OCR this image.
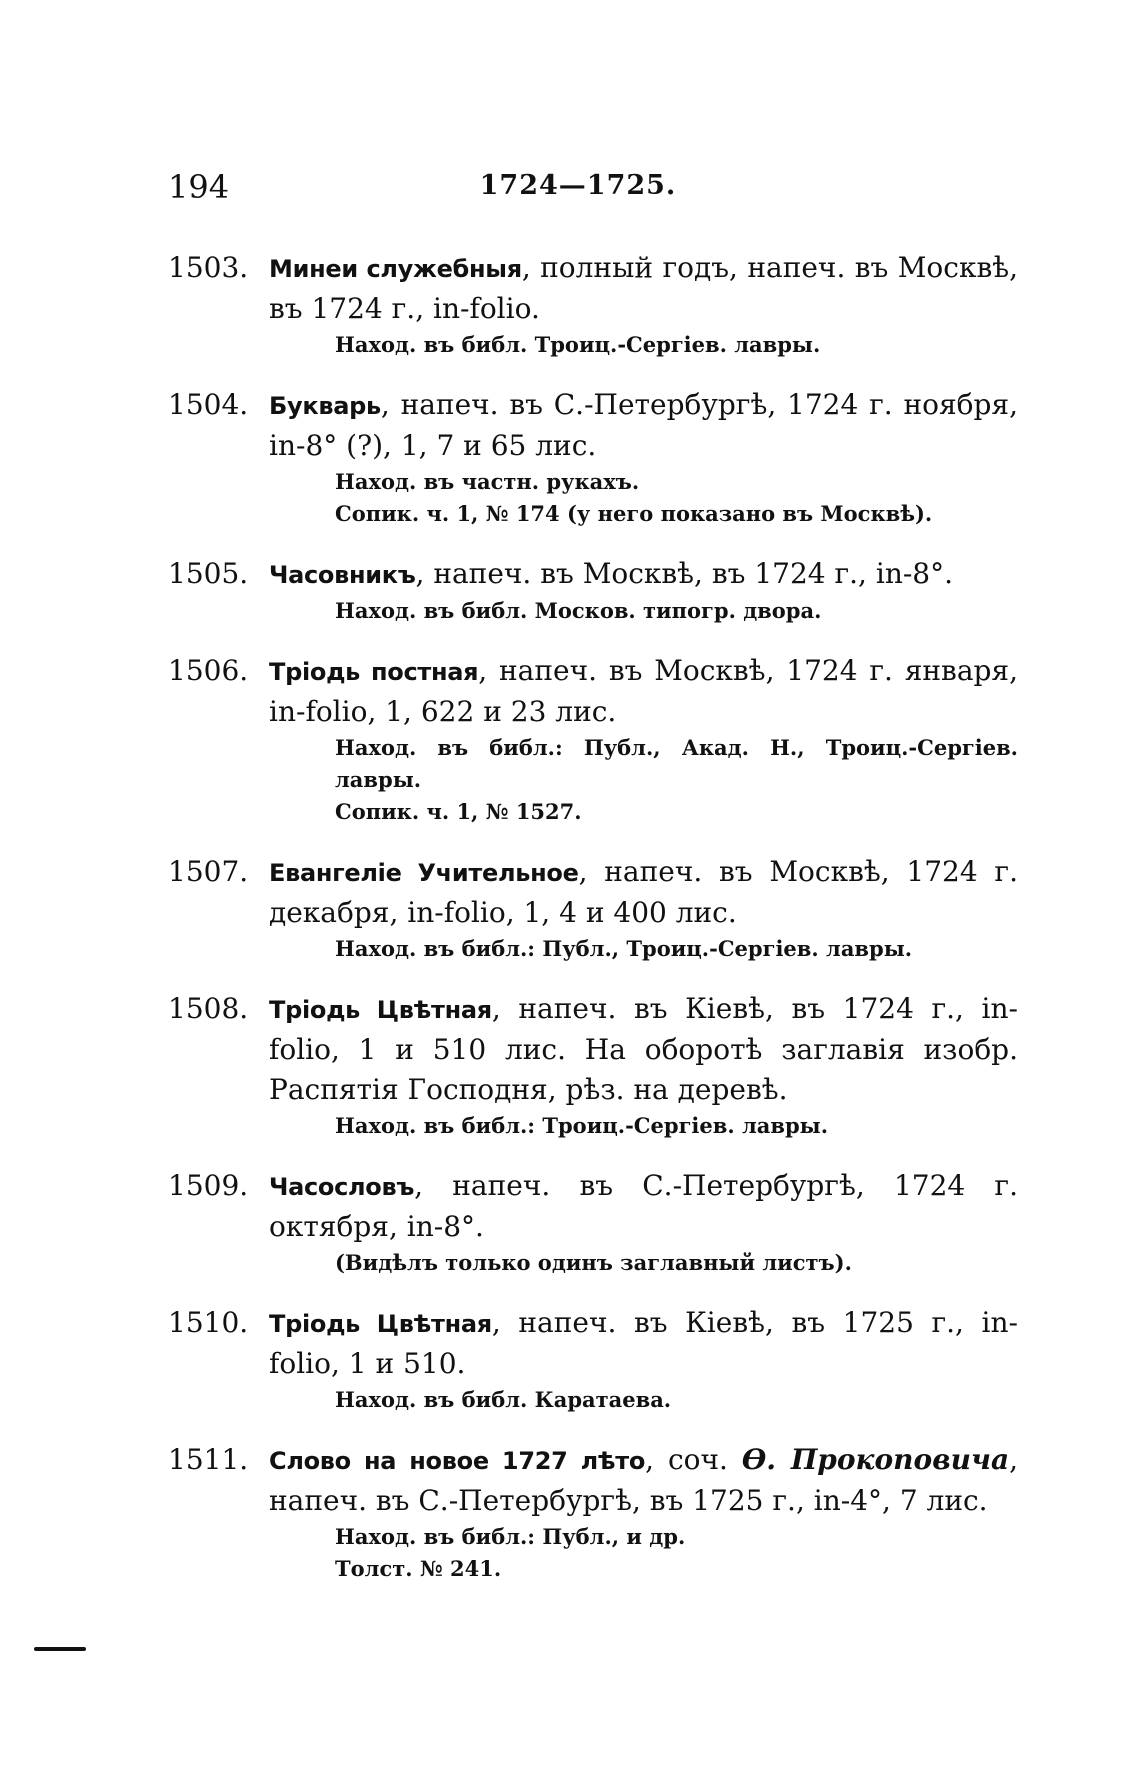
194	1724—1725.
1503. Минеи служебныя, полный годъ, напеч. въ Москвѣ, въ 1724 г., in-folio.
Наход. въ библ. Троиц.-Сергiев. лавры.
1504. Букварь, напеч. въ С.-Петербургѣ, 1724 г. ноября, in-8° (?), 1, 7 и 65 лис.
Наход. въ частн. рукахъ.
Сопик. ч. 1, № 174 (у него показано въ Москвѣ).
1505. Часовникъ, напеч. въ Москвѣ, въ 1724 г., in-8°.
Наход. въ библ. Москов. типогр. двора.
1506. Трiодь постная, напеч. въ Москвѣ, 1724 г. января, in-folio, 1, 622 и 23 лис.
Наход. въ библ.: Публ., Акад. Н., Троиц.-Сергiев. лавры.
Сопик. ч. 1, № 1527.
1507. Евангелiе Учительное, напеч. въ Москвѣ, 1724 г. декабря, in-folio, 1, 4 и 400 лис.
Наход. въ библ.: Публ., Троиц.-Сергiев. лавры.
1508. Трiодь Цвѣтная, напеч. въ Кiевѣ, въ 1724 г., in-folio, 1 и 510 лис. На оборотѣ заглавiя изобр. Распятiя Господня, рѣз. на деревѣ.
Наход. въ библ.: Троиц.-Сергiев. лавры.
1509. Часословъ, напеч. въ С.-Петербургѣ, 1724 г. октября, in-8°.
(Видѣлъ только одинъ заглавный листъ).
1510. Трiодь Цвѣтная, напеч. въ Кiевѣ, въ 1725 г., in-folio, 1 и 510.
Наход. въ библ. Каратаева.
1511. Слово на новое 1727 лѣто, соч. Ѳ. Прокоповича, напеч. въ С.-Петербургѣ, въ 1725 г., in-4°, 7 лис.
Наход. въ библ.: Публ., и др.
Толст. № 241.
